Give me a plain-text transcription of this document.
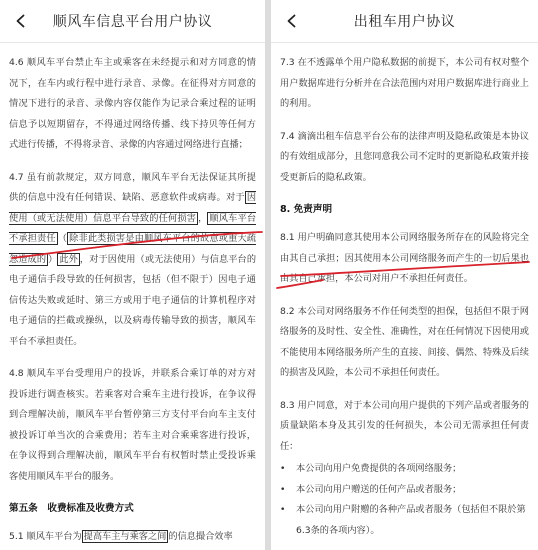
顺风车信息平台用户协议

4.6 顺风车平台禁止车主或乘客在未经提示和对方同意的情况下，在车内或行程中进行录音、录像。在征得对方同意的情况下进行的录音、录像内容仅能作为记录合乘过程的证明信息予以短期留存，不得通过网络传播、线下持贝等任何方式进行传播，不得将录音、录像的内容通过网络进行直播；

4.7 虽有前款规定，双方同意，顺风车平台无法保证其所提供的信息中没有任何错误、缺陷、恶意软件或病毒。对于 因使用（或无法使用）信息平台导致的任何损害 ， 顺风车平台不承担责任 （ 除非此类损害是由顺风车平台的故意或重大疏忽造成的 ） 此外 ，对于因使用（或无法使用）与信息平台的电子通信手段导致的任何损害，包括（但不限于）因电子通信传达失败或延时、第三方或用于电子通信的计算机程序对电子通信的拦截或操纵，以及病毒传输导致的损害，顺风车平台不承担责任。

4.8 顺风车平台受理用户的投诉，并联系合乘订单的对方对投诉进行调查核实。若乘客对合乘车主进行投诉，在争议得到合理解决前，顺风车平台暂停第三方支付平台向车主支付被投诉订单当次的合乘费用；若车主对合乘乘客进行投诉，在争议得到合理解决前，顺风车平台有权暂时禁止受投诉乘客使用顺风车平台的服务。

第五条　收费标准及收费方式

5.1 顺风车平台为 提高车主与乘客之间 的信息撮合效率

出租车用户协议

7.3 在不透露单个用户隐私数据的前提下，本公司有权对整个用户数据库进行分析并在合法范围内对用户数据库进行商业上的利用。

7.4 滴滴出租车信息平台公布的法律声明及隐私政策是本协议的有效组成部分，且您同意我公司不定时的更新隐私政策并接受更新后的隐私政策。

8. 免责声明

8.1 用户明确同意其使用本公司网络服务所存在的风险将完全由其自己承担；因其使用本公司网络服务而产生的一切后果也由其自己承担，本公司对用户不承担任何责任。

8.2 本公司对网络服务不作任何类型的担保，包括但不限于网络服务的及时性、安全性、准确性，对在任何情况下因使用或不能使用本网络服务所产生的直接、间接、偶然、特殊及后续的损害及风险，本公司不承担任何责任。

8.3 用户同意，对于本公司向用户提供的下列产品或者服务的质量缺陷本身及其引发的任何损失，本公司无需承担任何责任：

•	本公司向用户免费提供的各项网络服务；
•	本公司向用户赠送的任何产品或者服务；
•	本公司向用户附赠的各种产品或者服务（包括但不限於第6.3条的各项内容）。
